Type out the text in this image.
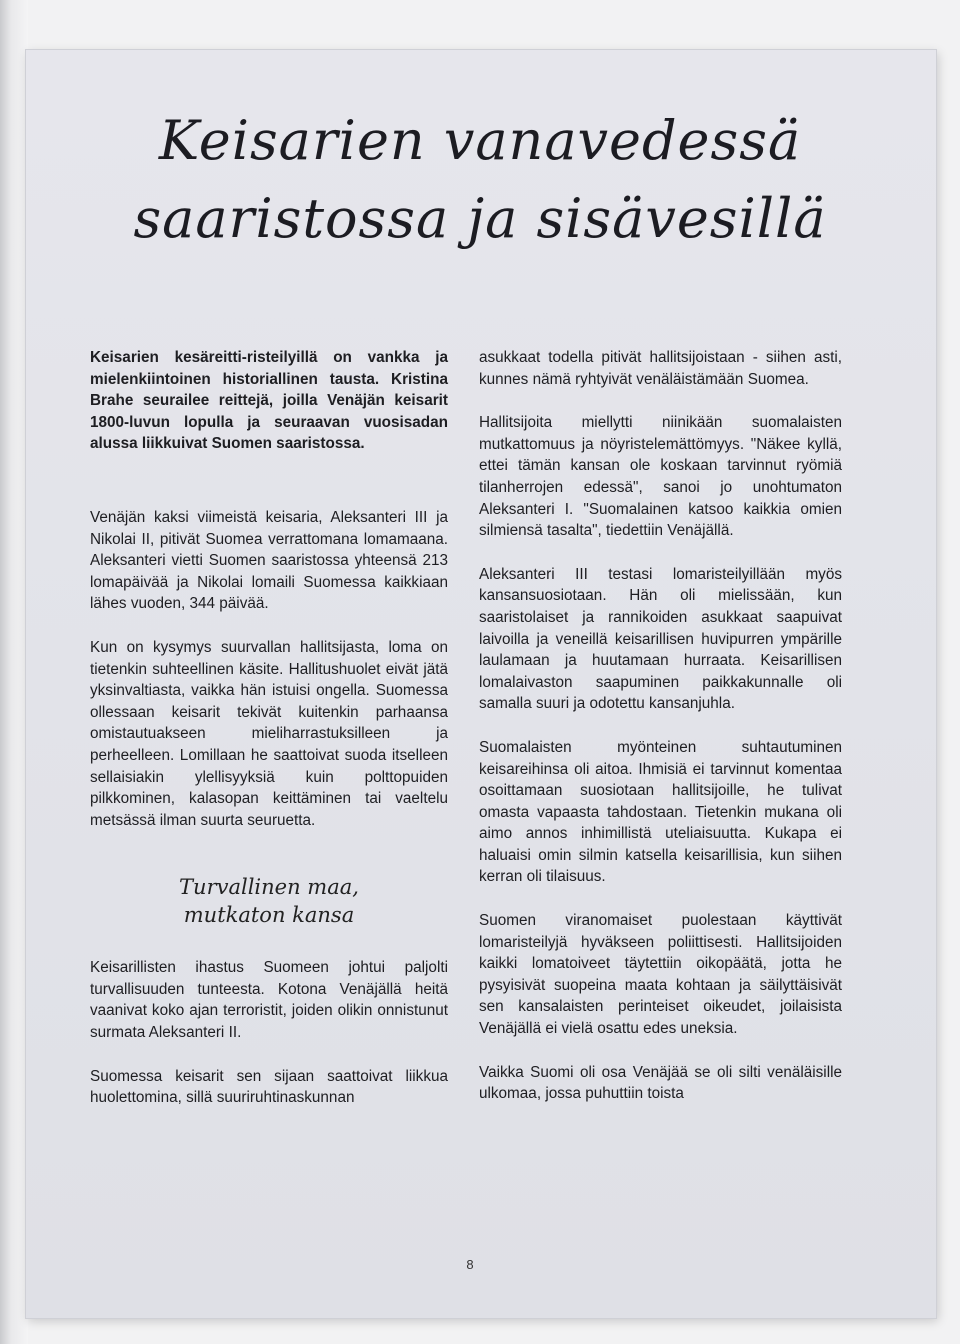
Keisarien vanavedessä
saaristossa ja sisävesillä

Keisarien kesäreitti-risteilyillä on vankka ja mielenkiintoinen historiallinen tausta. Kristina Brahe seurailee reittejä, joilla Venäjän keisarit 1800-luvun lopulla ja seuraavan vuosisadan alussa liikkuivat Suomen saaristossa.

Venäjän kaksi viimeistä keisaria, Aleksanteri III ja Nikolai II, pitivät Suomea verrattomana lomamaana. Aleksanteri vietti Suomen saaristossa yhteensä 213 lomapäivää ja Nikolai lomaili Suomessa kaikkiaan lähes vuoden, 344 päivää.

Kun on kysymys suurvallan hallitsijasta, loma on tietenkin suhteellinen käsite. Hallitushuolet eivät jätä yksinvaltiasta, vaikka hän istuisi ongella. Suomessa ollessaan keisarit tekivät kuitenkin parhaansa omistautuakseen mieliharrastuksilleen ja perheelleen. Lomillaan he saattoivat suoda itselleen sellaisiakin ylellisyyksiä kuin polttopuiden pilkkominen, kalasopan keittäminen tai vaeltelu metsässä ilman suurta seuruetta.

Turvallinen maa,
mutkaton kansa

Keisarillisten ihastus Suomeen johtui paljolti turvallisuuden tunteesta. Kotona Venäjällä heitä vaanivat koko ajan terroristit, joiden olikin onnistunut surmata Aleksanteri II.

Suomessa keisarit sen sijaan saattoivat liikkua huolettomina, sillä suuriruhtinaskunnan

asukkaat todella pitivät hallitsijoistaan - siihen asti, kunnes nämä ryhtyivät venäläistämään Suomea.

Hallitsijoita miellytti niinikään suomalaisten mutkattomuus ja nöyristelemättömyys. "Näkee kyllä, ettei tämän kansan ole koskaan tarvinnut ryömiä tilanherrojen edessä", sanoi jo unohtumaton Aleksanteri I. "Suomalainen katsoo kaikkia omien silmiensä tasalta", tiedettiin Venäjällä.

Aleksanteri III testasi lomaristeilyillään myös kansansuosiotaan. Hän oli mielissään, kun saaristolaiset ja rannikoiden asukkaat saapuivat laivoilla ja veneillä keisarillisen huvipurren ympärille laulamaan ja huutamaan hurraata. Keisarillisen lomalaivaston saapuminen paikkakunnalle oli samalla suuri ja odotettu kansanjuhla.

Suomalaisten myönteinen suhtautuminen keisareihinsa oli aitoa. Ihmisiä ei tarvinnut komentaa osoittamaan suosiotaan hallitsijoille, he tulivat omasta vapaasta tahdostaan. Tietenkin mukana oli aimo annos inhimillistä uteliaisuutta. Kukapa ei haluaisi omin silmin katsella keisarillisia, kun siihen kerran oli tilaisuus.

Suomen viranomaiset puolestaan käyttivät lomaristeilyjä hyväkseen poliittisesti. Hallitsijoiden kaikki lomatoiveet täytettiin oikopäätä, jotta he pysyisivät suopeina maata kohtaan ja säilyttäisivät sen kansalaisten perinteiset oikeudet, joilaisista Venäjällä ei vielä osattu edes uneksia.

Vaikka Suomi oli osa Venäjää se oli silti venäläisille ulkomaa, jossa puhuttiin toista

8
